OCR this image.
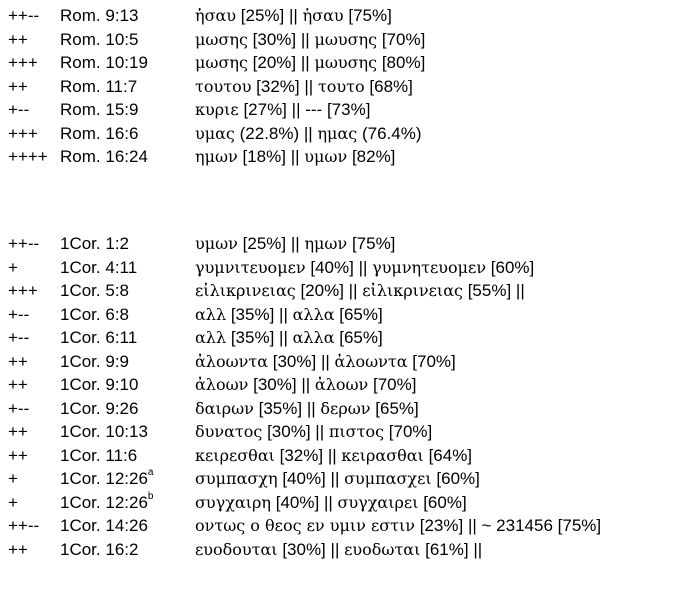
++-- Rom. 9:13	ἡσαυ [25%] || ἡσαυ [75%]
++ Rom. 10:5	μωσης [30%] || μωυσης [70%]
+++ Rom. 10:19	μωσης [20%] || μωυσης [80%]
++ Rom. 11:7	τουτου [32%] || τουτο [68%]
+-- Rom. 15:9	κυριε [27%] || --- [73%]
+++ Rom. 16:6	υμας (22.8%) || ημας (76.4%)
++++ Rom. 16:24	ημων [18%] || υμων [82%]
++-- 1Cor. 1:2	υμων [25%] || ημων [75%]
+ 1Cor. 4:11	γυμνιτευομεν [40%] || γυμνητευομεν [60%]
+++ 1Cor. 5:8	εἰλικρινειας [20%] || εἰλικρινειας [55%] ||
+-- 1Cor. 6:8	αλλ [35%] || αλλα [65%]
+-- 1Cor. 6:11	αλλ [35%] || αλλα [65%]
++ 1Cor. 9:9	ἀλοωντα [30%] || ἀλοωντα [70%]
++ 1Cor. 9:10	ἀλοων [30%] || ἀλοων [70%]
+-- 1Cor. 9:26	δαιρων [35%] || δερων [65%]
++ 1Cor. 10:13	δυνατος [30%] || πιστος [70%]
++ 1Cor. 11:6	κειρεσθαι [32%] || κειρασθαι [64%]
+ 1Cor. 12:26$^a$	συμπασχη [40%] || συμπασχει [60%]
+ 1Cor. 12:26$^b$	συγχαιρη [40%] || συγχαιρει [60%]
++-- 1Cor. 14:26	οντως ο θεος εν υμιν εστιν [23%] || ~ 231456 [75%]
++ 1Cor. 16:2	ευοδουται [30%] || ευοδωται [61%] ||
